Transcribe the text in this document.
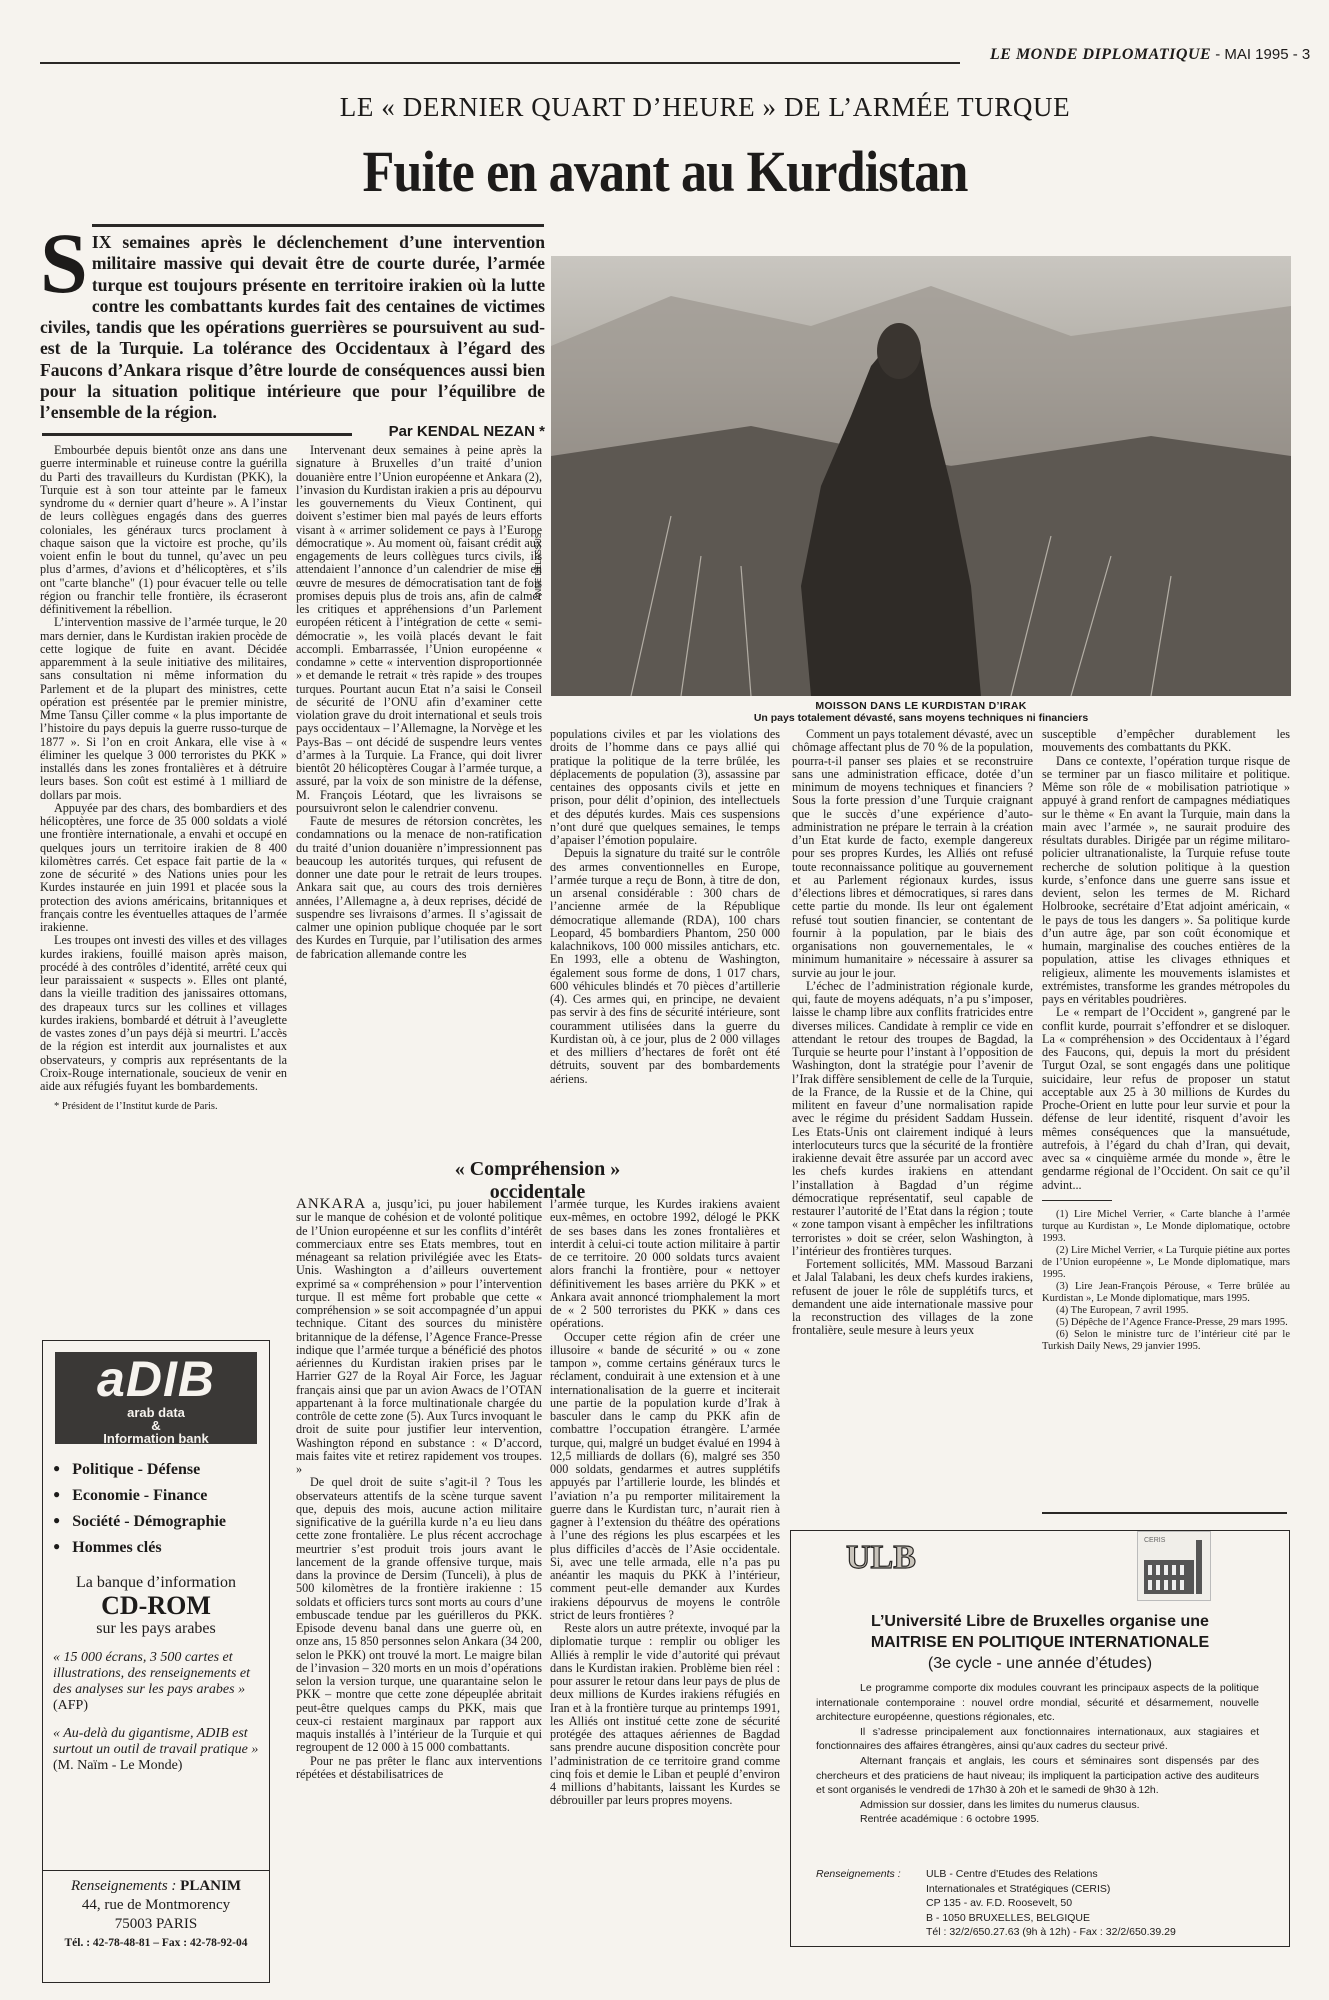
LE MONDE DIPLOMATIQUE - MAI 1995 - 3
LE « DERNIER QUART D’HEURE » DE L’ARMÉE TURQUE
Fuite en avant au Kurdistan
SIX semaines après le déclenchement d’une intervention militaire massive qui devait être de courte durée, l’armée turque est toujours présente en territoire irakien où la lutte contre les combattants kurdes fait des centaines de victimes civiles, tandis que les opérations guerrières se poursuivent au sud-est de la Turquie. La tolérance des Occidentaux à l’égard des Faucons d’Ankara risque d’être lourde de conséquences aussi bien pour la situation politique intérieure que pour l’équilibre de l’ensemble de la région.
Par KENDAL NEZAN *
ANNE DELASSUS
MOISSON DANS LE KURDISTAN D’IRAK
Un pays totalement dévasté, sans moyens techniques ni financiers

Embourbée depuis bientôt onze ans dans une guerre interminable et ruineuse contre la guérilla du Parti des travailleurs du Kurdistan (PKK), la Turquie est à son tour atteinte par le fameux syndrome du « dernier quart d’heure ». A l’instar de leurs collègues engagés dans des guerres coloniales, les généraux turcs proclament à chaque saison que la victoire est proche, qu’ils voient enfin le bout du tunnel, qu’avec un peu plus d’armes, d’avions et d’hélicoptères, et s’ils ont "carte blanche" (1) pour évacuer telle ou telle région ou franchir telle frontière, ils écraseront définitivement la rébellion.

L’intervention massive de l’armée turque, le 20 mars dernier, dans le Kurdistan irakien procède de cette logique de fuite en avant. Décidée apparemment à la seule initiative des militaires, sans consultation ni même information du Parlement et de la plupart des ministres, cette opération est présentée par le premier ministre, Mme Tansu Çiller comme « la plus importante de l’histoire du pays depuis la guerre russo-turque de 1877 ». Si l’on en croit Ankara, elle vise à « éliminer les quelque 3 000 terroristes du PKK » installés dans les zones frontalières et à détruire leurs bases. Son coût est estimé à 1 milliard de dollars par mois.

Appuyée par des chars, des bombardiers et des hélicoptères, une force de 35 000 soldats a violé une frontière internationale, a envahi et occupé en quelques jours un territoire irakien de 8 400 kilomètres carrés. Cet espace fait partie de la « zone de sécurité » des Nations unies pour les Kurdes instaurée en juin 1991 et placée sous la protection des avions américains, britanniques et français contre les éventuelles attaques de l’armée irakienne.

Les troupes ont investi des villes et des villages kurdes irakiens, fouillé maison après maison, procédé à des contrôles d’identité, arrêté ceux qui leur paraissaient « suspects ». Elles ont planté, dans la vieille tradition des janissaires ottomans, des drapeaux turcs sur les collines et villages kurdes irakiens, bombardé et détruit à l’aveuglette de vastes zones d’un pays déjà si meurtri. L’accès de la région est interdit aux journalistes et aux observateurs, y compris aux représentants de la Croix-Rouge internationale, soucieux de venir en aide aux réfugiés fuyant les bombardements.

* Président de l’Institut kurde de Paris.

Intervenant deux semaines à peine après la signature à Bruxelles d’un traité d’union douanière entre l’Union européenne et Ankara (2), l’invasion du Kurdistan irakien a pris au dépourvu les gouvernements du Vieux Continent, qui doivent s’estimer bien mal payés de leurs efforts visant à « arrimer solidement ce pays à l’Europe démocratique ». Au moment où, faisant crédit aux engagements de leurs collègues turcs civils, ils attendaient l’annonce d’un calendrier de mise en œuvre de mesures de démocratisation tant de fois promises depuis plus de trois ans, afin de calmer les critiques et appréhensions d’un Parlement européen réticent à l’intégration de cette « semi-démocratie », les voilà placés devant le fait accompli. Embarrassée, l’Union européenne « condamne » cette « intervention disproportionnée » et demande le retrait « très rapide » des troupes turques. Pourtant aucun Etat n’a saisi le Conseil de sécurité de l’ONU afin d’examiner cette violation grave du droit international et seuls trois pays occidentaux – l’Allemagne, la Norvège et les Pays-Bas – ont décidé de suspendre leurs ventes d’armes à la Turquie. La France, qui doit livrer bientôt 20 hélicoptères Cougar à l’armée turque, a assuré, par la voix de son ministre de la défense, M. François Léotard, que les livraisons se poursuivront selon le calendrier convenu.

Faute de mesures de rétorsion concrètes, les condamnations ou la menace de non-ratification du traité d’union douanière n’impressionnent pas beaucoup les autorités turques, qui refusent de donner une date pour le retrait de leurs troupes. Ankara sait que, au cours des trois dernières années, l’Allemagne a, à deux reprises, décidé de suspendre ses livraisons d’armes. Il s’agissait de calmer une opinion publique choquée par le sort des Kurdes en Turquie, par l’utilisation des armes de fabrication allemande contre les

populations civiles et par les violations des droits de l’homme dans ce pays allié qui pratique la politique de la terre brûlée, les déplacements de population (3), assassine par centaines des opposants civils et jette en prison, pour délit d’opinion, des intellectuels et des députés kurdes. Mais ces suspensions n’ont duré que quelques semaines, le temps d’apaiser l’émotion populaire.

Depuis la signature du traité sur le contrôle des armes conventionnelles en Europe, l’armée turque a reçu de Bonn, à titre de don, un arsenal considérable : 300 chars de l’ancienne armée de la République démocratique allemande (RDA), 100 chars Leopard, 45 bombardiers Phantom, 250 000 kalachnikovs, 100 000 missiles antichars, etc. En 1993, elle a obtenu de Washington, également sous forme de dons, 1 017 chars, 600 véhicules blindés et 70 pièces d’artillerie (4). Ces armes qui, en principe, ne devaient pas servir à des fins de sécurité intérieure, sont couramment utilisées dans la guerre du Kurdistan où, à ce jour, plus de 2 000 villages et des milliers d’hectares de forêt ont été détruits, souvent par des bombardements aériens.

« Compréhension » occidentale

ANKARA a, jusqu’ici, pu jouer habilement sur le manque de cohésion et de volonté politique de l’Union européenne et sur les conflits d’intérêt commerciaux entre ses Etats membres, tout en ménageant sa relation privilégiée avec les Etats-Unis. Washington a d’ailleurs ouvertement exprimé sa « compréhension » pour l’intervention turque. Il est même fort probable que cette « compréhension » se soit accompagnée d’un appui technique. Citant des sources du ministère britannique de la défense, l’Agence France-Presse indique que l’armée turque a bénéficié des photos aériennes du Kurdistan irakien prises par le Harrier G27 de la Royal Air Force, les Jaguar français ainsi que par un avion Awacs de l’OTAN appartenant à la force multinationale chargée du contrôle de cette zone (5). Aux Turcs invoquant le droit de suite pour justifier leur intervention, Washington répond en substance : « D’accord, mais faites vite et retirez rapidement vos troupes. »

De quel droit de suite s’agit-il ? Tous les observateurs attentifs de la scène turque savent que, depuis des mois, aucune action militaire significative de la guérilla kurde n’a eu lieu dans cette zone frontalière. Le plus récent accrochage meurtrier s’est produit trois jours avant le lancement de la grande offensive turque, mais dans la province de Dersim (Tunceli), à plus de 500 kilomètres de la frontière irakienne : 15 soldats et officiers turcs sont morts au cours d’une embuscade tendue par les guérilleros du PKK. Episode devenu banal dans une guerre où, en onze ans, 15 850 personnes selon Ankara (34 200, selon le PKK) ont trouvé la mort. Le maigre bilan de l’invasion – 320 morts en un mois d’opérations selon la version turque, une quarantaine selon le PKK – montre que cette zone dépeuplée abritait peut-être quelques camps du PKK, mais que ceux-ci restaient marginaux par rapport aux maquis installés à l’intérieur de la Turquie et qui regroupent de 12 000 à 15 000 combattants.

Pour ne pas prêter le flanc aux interventions répétées et déstabilisatrices de

l’armée turque, les Kurdes irakiens avaient eux-mêmes, en octobre 1992, délogé le PKK de ses bases dans les zones frontalières et interdit à celui-ci toute action militaire à partir de ce territoire. 20 000 soldats turcs avaient alors franchi la frontière, pour « nettoyer définitivement les bases arrière du PKK » et Ankara avait annoncé triomphalement la mort de « 2 500 terroristes du PKK » dans ces opérations.

Occuper cette région afin de créer une illusoire « bande de sécurité » ou « zone tampon », comme certains généraux turcs le réclament, conduirait à une extension et à une internationalisation de la guerre et inciterait une partie de la population kurde d’Irak à basculer dans le camp du PKK afin de combattre l’occupation étrangère. L’armée turque, qui, malgré un budget évalué en 1994 à 12,5 milliards de dollars (6), malgré ses 350 000 soldats, gendarmes et autres supplétifs appuyés par l’artillerie lourde, les blindés et l’aviation n’a pu remporter militairement la guerre dans le Kurdistan turc, n’aurait rien à gagner à l’extension du théâtre des opérations à l’une des régions les plus escarpées et les plus difficiles d’accès de l’Asie occidentale. Si, avec une telle armada, elle n’a pas pu anéantir les maquis du PKK à l’intérieur, comment peut-elle demander aux Kurdes irakiens dépourvus de moyens le contrôle strict de leurs frontières ?

Reste alors un autre prétexte, invoqué par la diplomatie turque : remplir ou obliger les Alliés à remplir le vide d’autorité qui prévaut dans le Kurdistan irakien. Problème bien réel : pour assurer le retour dans leur pays de plus de deux millions de Kurdes irakiens réfugiés en Iran et à la frontière turque au printemps 1991, les Alliés ont institué cette zone de sécurité protégée des attaques aériennes de Bagdad sans prendre aucune disposition concrète pour l’administration de ce territoire grand comme cinq fois et demie le Liban et peuplé d’environ 4 millions d’habitants, laissant les Kurdes se débrouiller par leurs propres moyens.

Comment un pays totalement dévasté, avec un chômage affectant plus de 70 % de la population, pourra-t-il panser ses plaies et se reconstruire sans une administration efficace, dotée d’un minimum de moyens techniques et financiers ? Sous la forte pression d’une Turquie craignant que le succès d’une expérience d’auto-administration ne prépare le terrain à la création d’un Etat kurde de facto, exemple dangereux pour ses propres Kurdes, les Alliés ont refusé toute reconnaissance politique au gouvernement et au Parlement régionaux kurdes, issus d’élections libres et démocratiques, si rares dans cette partie du monde. Ils leur ont également refusé tout soutien financier, se contentant de fournir à la population, par le biais des organisations non gouvernementales, le « minimum humanitaire » nécessaire à assurer sa survie au jour le jour.

L’échec de l’administration régionale kurde, qui, faute de moyens adéquats, n’a pu s’imposer, laisse le champ libre aux conflits fratricides entre diverses milices. Candidate à remplir ce vide en attendant le retour des troupes de Bagdad, la Turquie se heurte pour l’instant à l’opposition de Washington, dont la stratégie pour l’avenir de l’Irak diffère sensiblement de celle de la Turquie, de la France, de la Russie et de la Chine, qui militent en faveur d’une normalisation rapide avec le régime du président Saddam Hussein. Les Etats-Unis ont clairement indiqué à leurs interlocuteurs turcs que la sécurité de la frontière irakienne devait être assurée par un accord avec les chefs kurdes irakiens en attendant l’installation à Bagdad d’un régime démocratique représentatif, seul capable de restaurer l’autorité de l’Etat dans la région ; toute « zone tampon visant à empêcher les infiltrations terroristes » doit se créer, selon Washington, à l’intérieur des frontières turques.

Fortement sollicités, MM. Massoud Barzani et Jalal Talabani, les deux chefs kurdes irakiens, refusent de jouer le rôle de supplétifs turcs, et demandent une aide internationale massive pour la reconstruction des villages de la zone frontalière, seule mesure à leurs yeux

susceptible d’empêcher durablement les mouvements des combattants du PKK.

Dans ce contexte, l’opération turque risque de se terminer par un fiasco militaire et politique. Même son rôle de « mobilisation patriotique » appuyé à grand renfort de campagnes médiatiques sur le thème « En avant la Turquie, main dans la main avec l’armée », ne saurait produire des résultats durables. Dirigée par un régime militaro-policier ultranationaliste, la Turquie refuse toute recherche de solution politique à la question kurde, s’enfonce dans une guerre sans issue et devient, selon les termes de M. Richard Holbrooke, secrétaire d’Etat adjoint américain, « le pays de tous les dangers ». Sa politique kurde d’un autre âge, par son coût économique et humain, marginalise des couches entières de la population, attise les clivages ethniques et religieux, alimente les mouvements islamistes et extrémistes, transforme les grandes métropoles du pays en véritables poudrières.

Le « rempart de l’Occident », gangrené par le conflit kurde, pourrait s’effondrer et se disloquer. La « compréhension » des Occidentaux à l’égard des Faucons, qui, depuis la mort du président Turgut Ozal, se sont engagés dans une politique suicidaire, leur refus de proposer un statut acceptable aux 25 à 30 millions de Kurdes du Proche-Orient en lutte pour leur survie et pour la défense de leur identité, risquent d’avoir les mêmes conséquences que la mansuétude, autrefois, à l’égard du chah d’Iran, qui devait, avec sa « cinquième armée du monde », être le gendarme régional de l’Occident. On sait ce qu’il advint...

(1) Lire Michel Verrier, « Carte blanche à l’armée turque au Kurdistan », Le Monde diplomatique, octobre 1993.

(2) Lire Michel Verrier, « La Turquie piétine aux portes de l’Union européenne », Le Monde diplomatique, mars 1995.

(3) Lire Jean-François Pérouse, « Terre brûlée au Kurdistan », Le Monde diplomatique, mars 1995.

(4) The European, 7 avril 1995.

(5) Dépêche de l’Agence France-Presse, 29 mars 1995.

(6) Selon le ministre turc de l’intérieur cité par le Turkish Daily News, 29 janvier 1995.

aDIB
arab data
&
Information bank
● Politique - Défense
● Economie - Finance
● Société - Démographie
● Hommes clés
La banque d’information
CD-ROM
sur les pays arabes
« 15 000 écrans, 3 500 cartes et illustrations, des renseignements et des analyses sur les pays arabes » (AFP)
« Au-delà du gigantisme, ADIB est surtout un outil de travail pratique » (M. Naïm - Le Monde)
Renseignements : PLANIM
44, rue de Montmorency
75003 PARIS
Tél. : 42-78-48-81 – Fax : 42-78-92-04
ULB	CERIS
L’Université Libre de Bruxelles organise une
MAITRISE EN POLITIQUE INTERNATIONALE
(3e cycle - une année d’études)

Le programme comporte dix modules couvrant les principaux aspects de la politique internationale contemporaine : nouvel ordre mondial, sécurité et désarmement, nouvelle architecture européenne, questions régionales, etc.

Il s’adresse principalement aux fonctionnaires internationaux, aux stagiaires et fonctionnaires des affaires étrangères, ainsi qu’aux cadres du secteur privé.

Alternant français et anglais, les cours et séminaires sont dispensés par des chercheurs et des praticiens de haut niveau; ils impliquent la participation active des auditeurs et sont organisés le vendredi de 17h30 à 20h et le samedi de 9h30 à 12h.

Admission sur dossier, dans les limites du numerus clausus.

Rentrée académique : 6 octobre 1995.

Renseignements :	ULB - Centre d’Etudes des Relations
Internationales et Stratégiques (CERIS)
CP 135 - av. F.D. Roosevelt, 50
B - 1050 BRUXELLES, BELGIQUE
Tél : 32/2/650.27.63 (9h à 12h) - Fax : 32/2/650.39.29
